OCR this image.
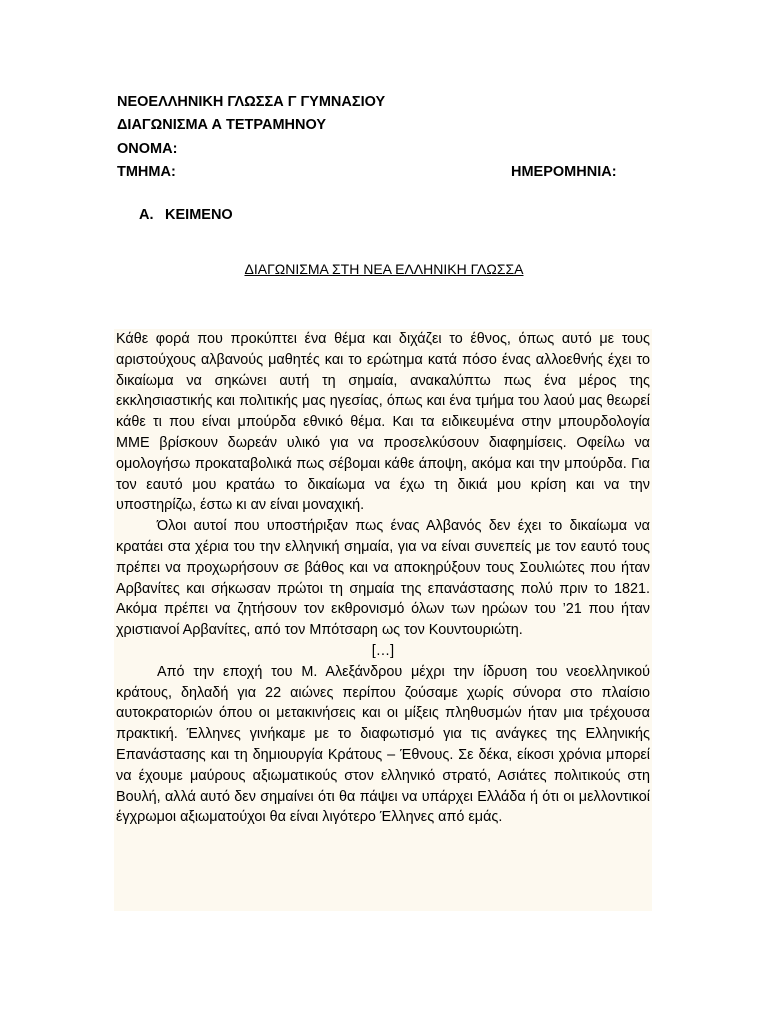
ΝΕΟΕΛΛΗΝΙΚΗ ΓΛΩΣΣΑ Γ ΓΥΜΝΑΣΙΟΥ
ΔΙΑΓΩΝΙΣΜΑ Α ΤΕΤΡΑΜΗΝΟΥ
ΟΝΟΜΑ:
ΤΜΗΜΑ:	ΗΜΕΡΟΜΗΝΙΑ:
Α. ΚΕΙΜΕΝΟ
ΔΙΑΓΩΝΙΣΜΑ ΣΤΗ ΝΕΑ ΕΛΛΗΝΙΚΗ ΓΛΩΣΣΑ

Κάθε φορά που προκύπτει ένα θέμα και διχάζει το έθνος, όπως αυτό με τους αριστούχους αλβανούς μαθητές και το ερώτημα κατά πόσο ένας αλλοεθνής έχει το δικαίωμα να σηκώνει αυτή τη σημαία, ανακαλύπτω πως ένα μέρος της εκκλησιαστικής και πολιτικής μας ηγεσίας, όπως και ένα τμήμα του λαού μας θεωρεί κάθε τι που είναι μπούρδα εθνικό θέμα. Και τα ειδικευμένα στην μπουρδολογία ΜΜΕ βρίσκουν δωρεάν υλικό για να προσελκύσουν διαφημίσεις. Οφείλω να ομολογήσω προκαταβολικά πως σέβομαι κάθε άποψη, ακόμα και την μπούρδα. Για τον εαυτό μου κρατάω το δικαίωμα να έχω τη δικιά μου κρίση και να την υποστηρίζω, έστω κι αν είναι μοναχική.

Όλοι αυτοί που υποστήριξαν πως ένας Αλβανός δεν έχει το δικαίωμα να κρατάει στα χέρια του την ελληνική σημαία, για να είναι συνεπείς με τον εαυτό τους πρέπει να προχωρήσουν σε βάθος και να αποκηρύξουν τους Σουλιώτες που ήταν Αρβανίτες και σήκωσαν πρώτοι τη σημαία της επανάστασης πολύ πριν το 1821. Ακόμα πρέπει να ζητήσουν τον εκθρονισμό όλων των ηρώων του ’21 που ήταν χριστιανοί Αρβανίτες, από τον Μπότσαρη ως τον Κουντουριώτη.

[…]

Από την εποχή του Μ. Αλεξάνδρου μέχρι την ίδρυση του νεοελληνικού κράτους, δηλαδή για 22 αιώνες περίπου ζούσαμε χωρίς σύνορα στο πλαίσιο αυτοκρατοριών όπου οι μετακινήσεις και οι μίξεις πληθυσμών ήταν μια τρέχουσα πρακτική. Έλληνες γινήκαμε με το διαφωτισμό για τις ανάγκες της Ελληνικής Επανάστασης και τη δημιουργία Κράτους – Έθνους. Σε δέκα, είκοσι χρόνια μπορεί να έχουμε μαύρους αξιωματικούς στον ελληνικό στρατό, Ασιάτες πολιτικούς στη Βουλή, αλλά αυτό δεν σημαίνει ότι θα πάψει να υπάρχει Ελλάδα ή ότι οι μελλοντικοί έγχρωμοι αξιωματούχοι θα είναι λιγότερο Έλληνες από εμάς.
